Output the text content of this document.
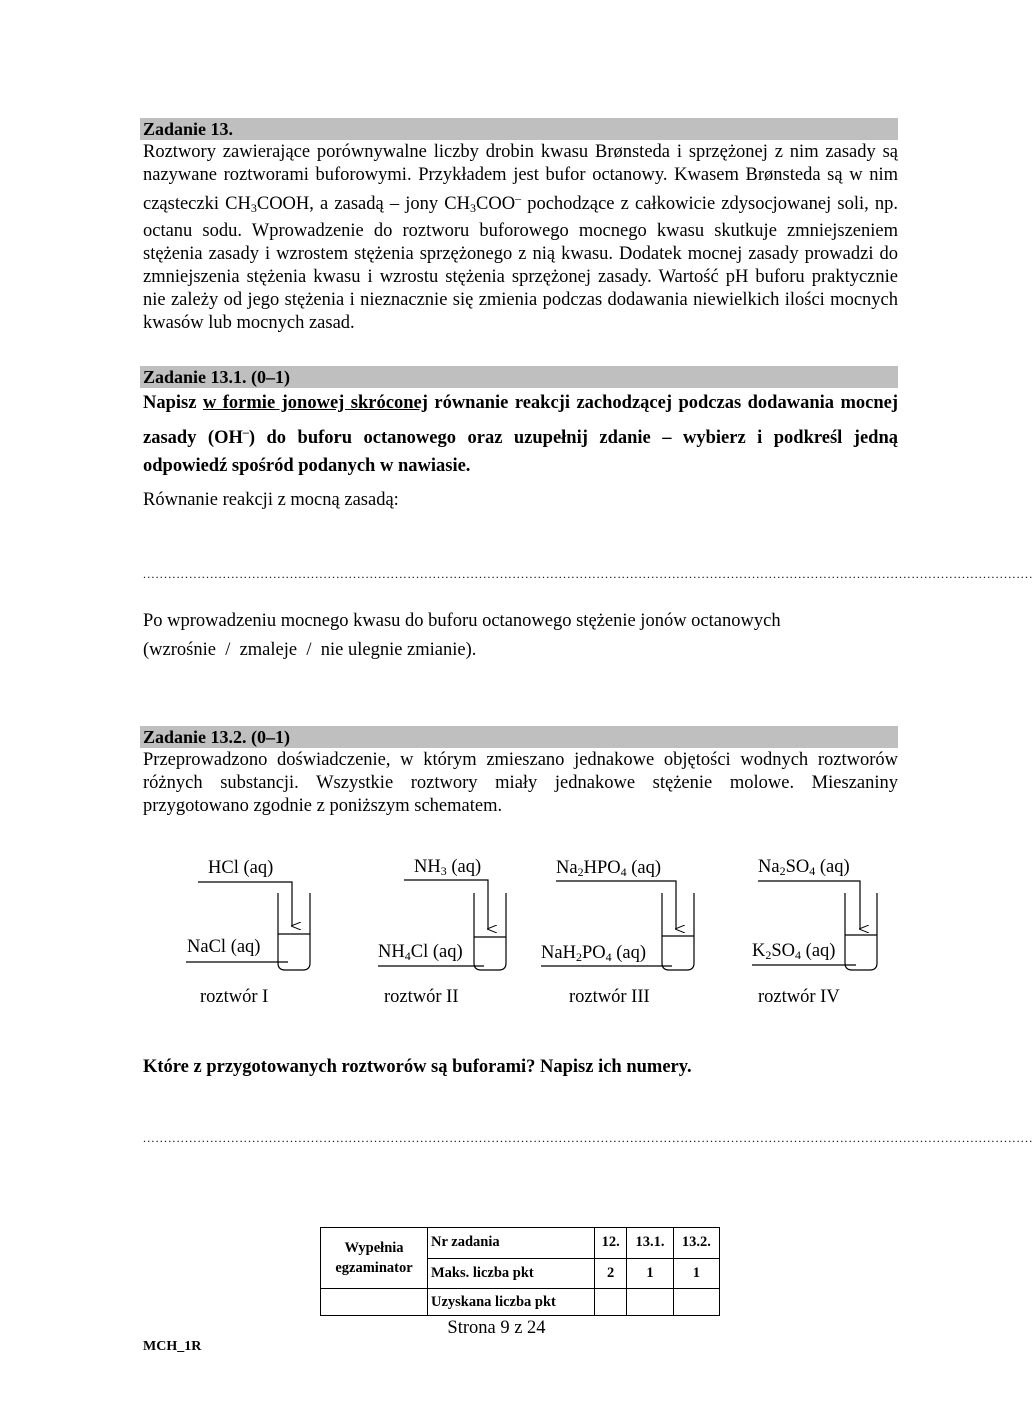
Zadanie 13.
Roztwory zawierające porównywalne liczby drobin kwasu Brønsteda i sprzężonej z nim zasady są nazywane roztworami buforowymi. Przykładem jest bufor octanowy. Kwasem Brønsteda są w nim cząsteczki $CH_3COOH$, a zasadą – jony $CH_3COO^-$ pochodzące z całkowicie zdysocjowanej soli, np. octanu sodu. Wprowadzenie do roztworu buforowego mocnego kwasu skutkuje zmniejszeniem stężenia zasady i wzrostem stężenia sprzężonego z nią kwasu. Dodatek mocnej zasady prowadzi do zmniejszenia stężenia kwasu i wzrostu stężenia sprzężonej zasady. Wartość pH buforu praktycznie nie zależy od jego stężenia i nieznacznie się zmienia podczas dodawania niewielkich ilości mocnych kwasów lub mocnych zasad.
Zadanie 13.1. (0–1)
Napisz w formie jonowej skróconej równanie reakcji zachodzącej podczas dodawania mocnej zasady (OH–) do buforu octanowego oraz uzupełnij zdanie – wybierz i podkreśl jedną odpowiedź spośród podanych w nawiasie.
Równanie reakcji z mocną zasadą:
....................................................................................................................................................................................................................
Po wprowadzeniu mocnego kwasu do buforu octanowego stężenie jonów octanowych
(wzrośnie  /  zmaleje  /  nie ulegnie zmianie).
Zadanie 13.2. (0–1)
Przeprowadzono doświadczenie, w którym zmieszano jednakowe objętości wodnych roztworów różnych substancji. Wszystkie roztwory miały jednakowe stężenie molowe. Mieszaniny przygotowano zgodnie z poniższym schematem.
HCl (aq)
NaCl (aq)
roztwór I
$NH_3$ (aq)
$NH_4Cl$ (aq)
roztwór II
$Na_2HPO_4$ (aq)
$NaH_2PO_4$ (aq)
roztwór III
$Na_2SO_4$ (aq)
$K_2SO_4$ (aq)
roztwór IV
Które z przygotowanych roztworów są buforami? Napisz ich numery.
....................................................................................................................................................................................................................
Wypełnia egzaminator	Nr zadania	12.	13.1.	13.2.
	Maks. liczba pkt	2	1	1
	Uzyskana liczba pkt			
Strona 9 z 24
MCH_1R
